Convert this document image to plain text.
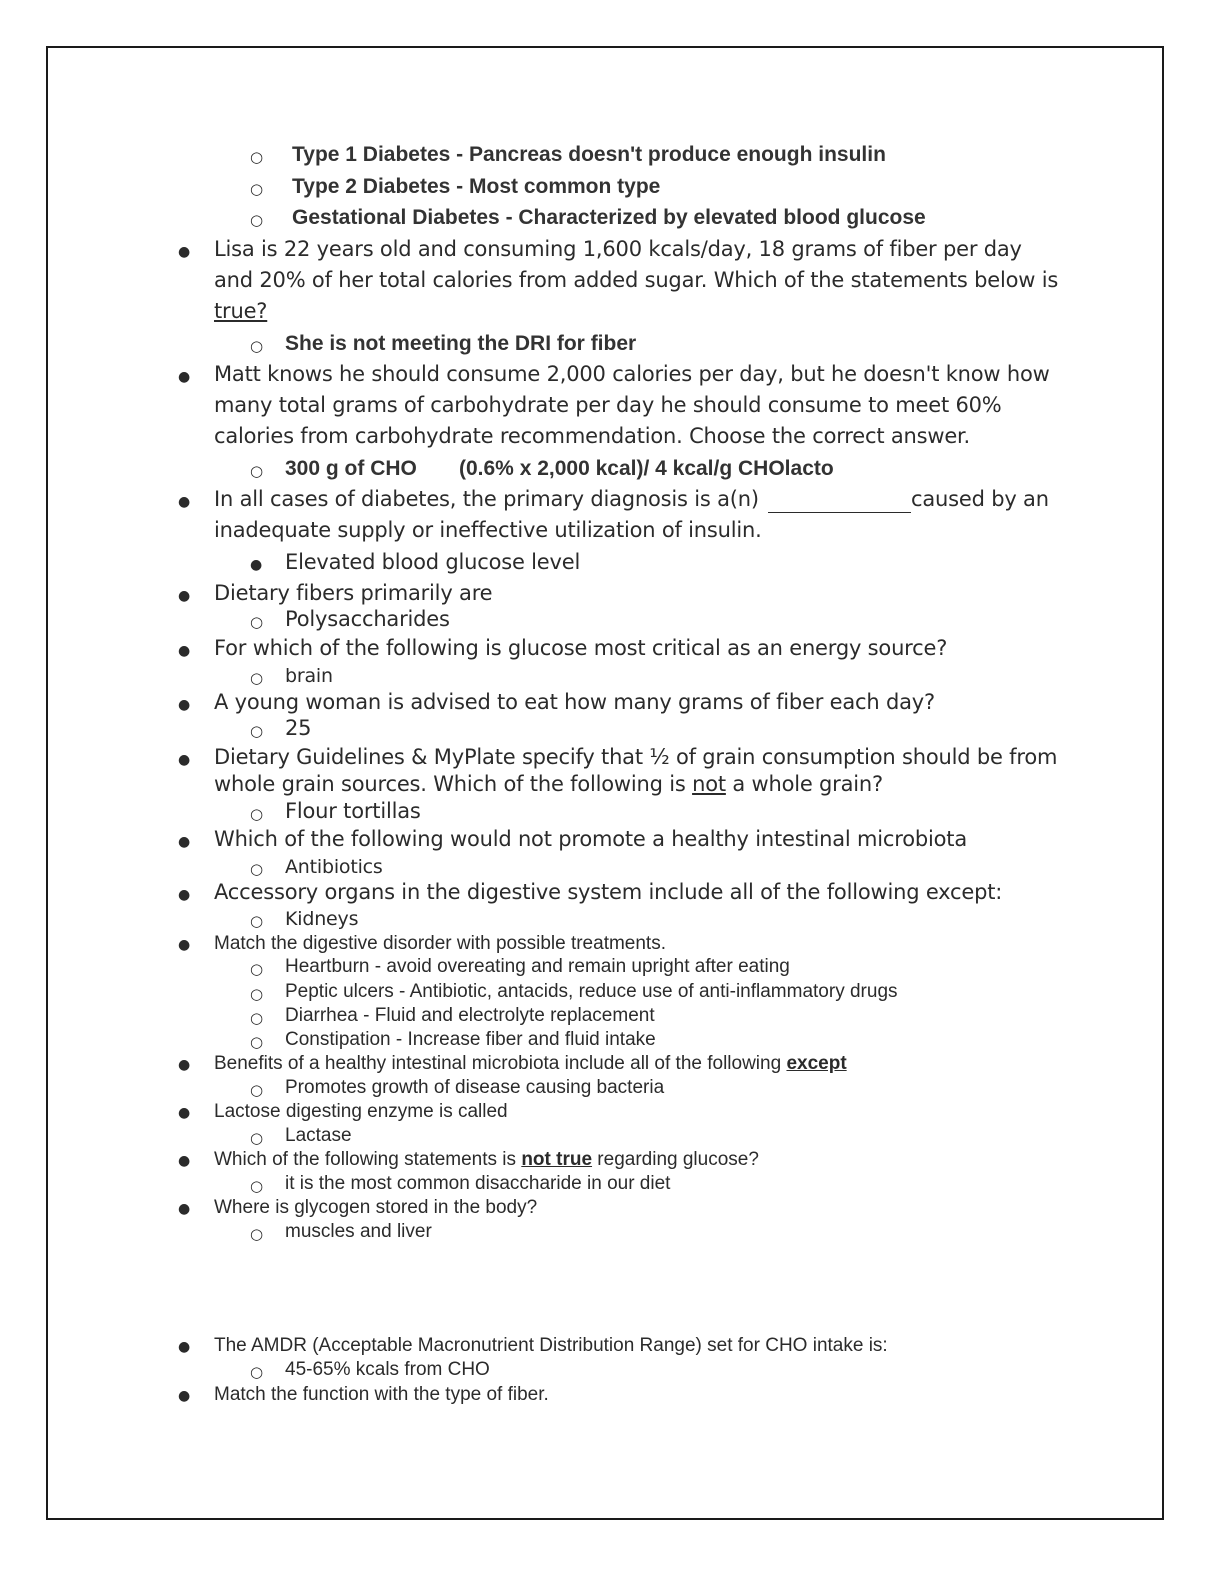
○ Type 1 Diabetes - Pancreas doesn't produce enough insulin
○ Type 2 Diabetes - Most common type
○ Gestational Diabetes - Characterized by elevated blood glucose
● Lisa is 22 years old and consuming 1,600 kcals/day, 18 grams of fiber per day
and 20% of her total calories from added sugar. Which of the statements below is
true?
○ She is not meeting the DRI for fiber
● Matt knows he should consume 2,000 calories per day, but he doesn't know how
many total grams of carbohydrate per day he should consume to meet 60%
calories from carbohydrate recommendation. Choose the correct answer.
○ 300 g of CHO (0.6% x 2,000 kcal)/ 4 kcal/g CHOlacto
● In all cases of diabetes, the primary diagnosis is a(n)	caused by an
inadequate supply or ineffective utilization of insulin.
● Elevated blood glucose level
● Dietary fibers primarily are
○ Polysaccharides
● For which of the following is glucose most critical as an energy source?
○ brain
● A young woman is advised to eat how many grams of fiber each day?
○ 25
● Dietary Guidelines & MyPlate specify that ½ of grain consumption should be from
whole grain sources. Which of the following is not a whole grain?
○ Flour tortillas
● Which of the following would not promote a healthy intestinal microbiota
○ Antibiotics
● Accessory organs in the digestive system include all of the following except:
○ Kidneys
● Match the digestive disorder with possible treatments.
○ Heartburn - avoid overeating and remain upright after eating
○ Peptic ulcers - Antibiotic, antacids, reduce use of anti-inflammatory drugs
○ Diarrhea - Fluid and electrolyte replacement
○ Constipation - Increase fiber and fluid intake
● Benefits of a healthy intestinal microbiota include all of the following except
○ Promotes growth of disease causing bacteria
● Lactose digesting enzyme is called
○ Lactase
● Which of the following statements is not true regarding glucose?
○ it is the most common disaccharide in our diet
● Where is glycogen stored in the body?
○ muscles and liver
● The AMDR (Acceptable Macronutrient Distribution Range) set for CHO intake is:
○ 45-65% kcals from CHO
● Match the function with the type of fiber.
